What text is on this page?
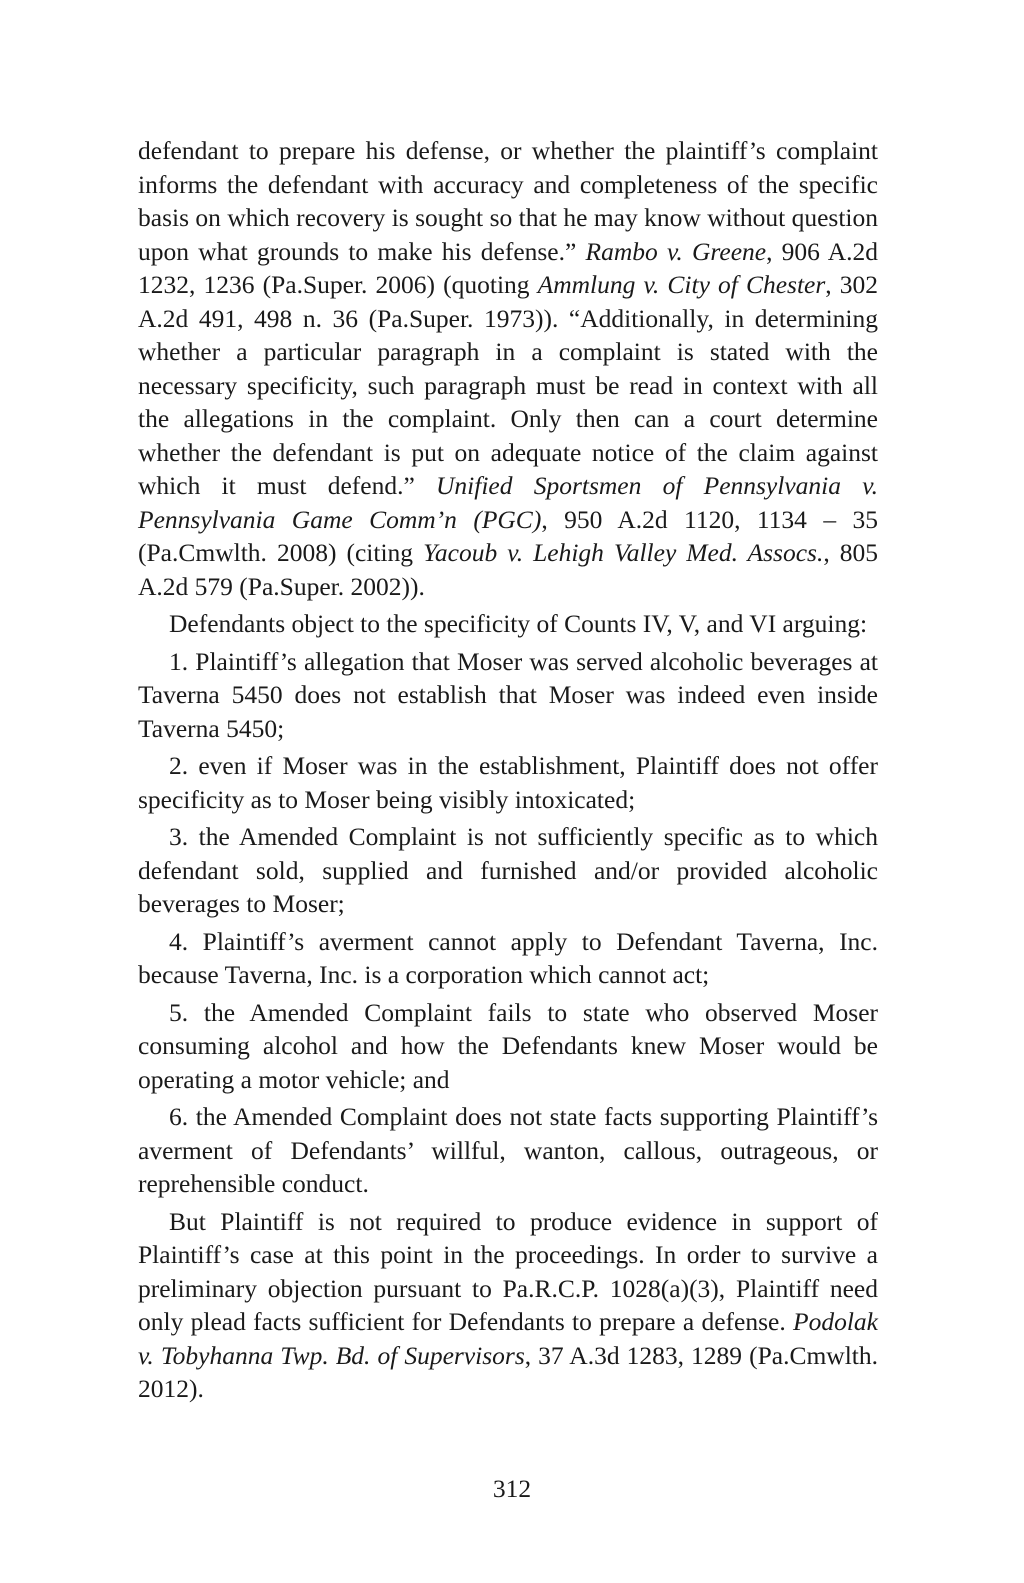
defendant to prepare his defense, or whether the plaintiff’s complaint informs the defendant with accuracy and completeness of the specific basis on which recovery is sought so that he may know without question upon what grounds to make his defense.” Rambo v. Greene, 906 A.2d 1232, 1236 (Pa.Super. 2006) (quoting Ammlung v. City of Chester, 302 A.2d 491, 498 n. 36 (Pa.Super. 1973)). “Additionally, in determining whether a particular paragraph in a complaint is stated with the necessary specificity, such paragraph must be read in context with all the allegations in the complaint. Only then can a court determine whether the defendant is put on adequate notice of the claim against which it must defend.” Unified Sportsmen of Pennsylvania v. Pennsylvania Game Comm’n (PGC), 950 A.2d 1120, 1134 – 35 (Pa.Cmwlth. 2008) (citing Yacoub v. Lehigh Valley Med. Assocs., 805 A.2d 579 (Pa.Super. 2002)).

Defendants object to the specificity of Counts IV, V, and VI arguing:

1. Plaintiff’s allegation that Moser was served alcoholic beverages at Taverna 5450 does not establish that Moser was indeed even inside Taverna 5450;

2. even if Moser was in the establishment, Plaintiff does not offer specificity as to Moser being visibly intoxicated;

3. the Amended Complaint is not sufficiently specific as to which defendant sold, supplied and furnished and/or provided alcoholic beverages to Moser;

4. Plaintiff’s averment cannot apply to Defendant Taverna, Inc. because Taverna, Inc. is a corporation which cannot act;

5. the Amended Complaint fails to state who observed Moser consuming alcohol and how the Defendants knew Moser would be operating a motor vehicle; and

6. the Amended Complaint does not state facts supporting Plaintiff’s averment of Defendants’ willful, wanton, callous, outrageous, or reprehensible conduct.

But Plaintiff is not required to produce evidence in support of Plaintiff’s case at this point in the proceedings. In order to survive a preliminary objection pursuant to Pa.R.C.P. 1028(a)(3), Plaintiff need only plead facts sufficient for Defendants to prepare a defense. Podolak v. Tobyhanna Twp. Bd. of Supervisors, 37 A.3d 1283, 1289 (Pa.Cmwlth. 2012).

312
